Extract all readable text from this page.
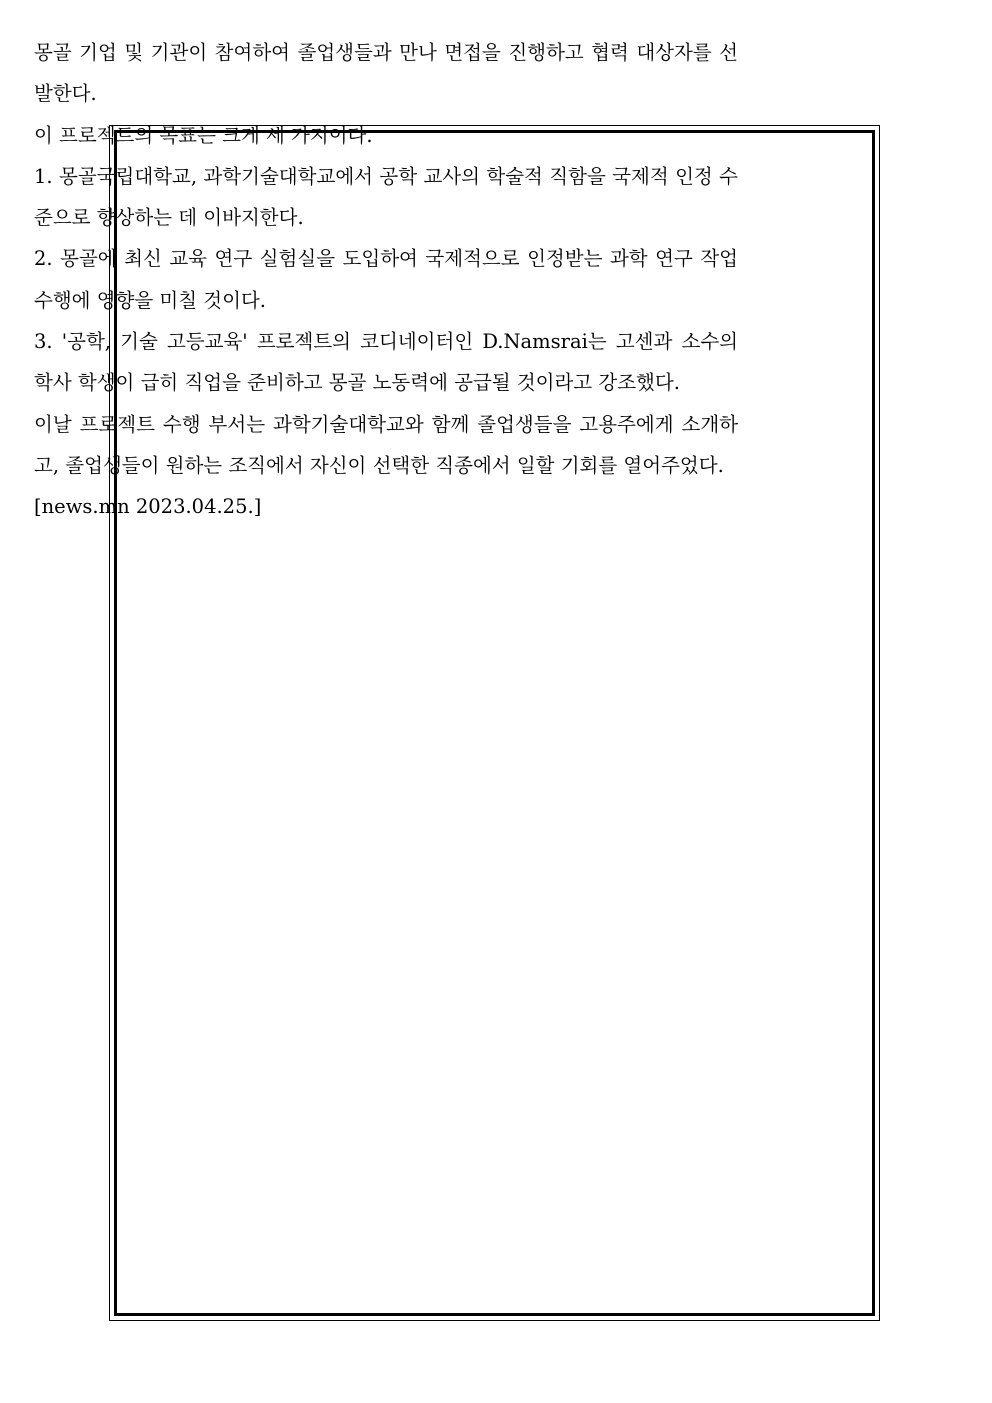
몽골 기업 및 기관이 참여하여 졸업생들과 만나 면접을 진행하고 협력 대상자를 선발한다.

이 프로젝트의 목표는 크게 세 가지이다.

1. 몽골국립대학교, 과학기술대학교에서 공학 교사의 학술적 직함을 국제적 인정 수준으로 향상하는 데 이바지한다.

2. 몽골에 최신 교육 연구 실험실을 도입하여 국제적으로 인정받는 과학 연구 작업 수행에 영향을 미칠 것이다.

3. '공학, 기술 고등교육' 프로젝트의 코디네이터인 D.Namsrai는 고센과 소수의 학사 학생이 급히 직업을 준비하고 몽골 노동력에 공급될 것이라고 강조했다.

이날 프로젝트 수행 부서는 과학기술대학교와 함께 졸업생들을 고용주에게 소개하고, 졸업생들이 원하는 조직에서 자신이 선택한 직종에서 일할 기회를 열어주었다.

[news.mn 2023.04.25.]
